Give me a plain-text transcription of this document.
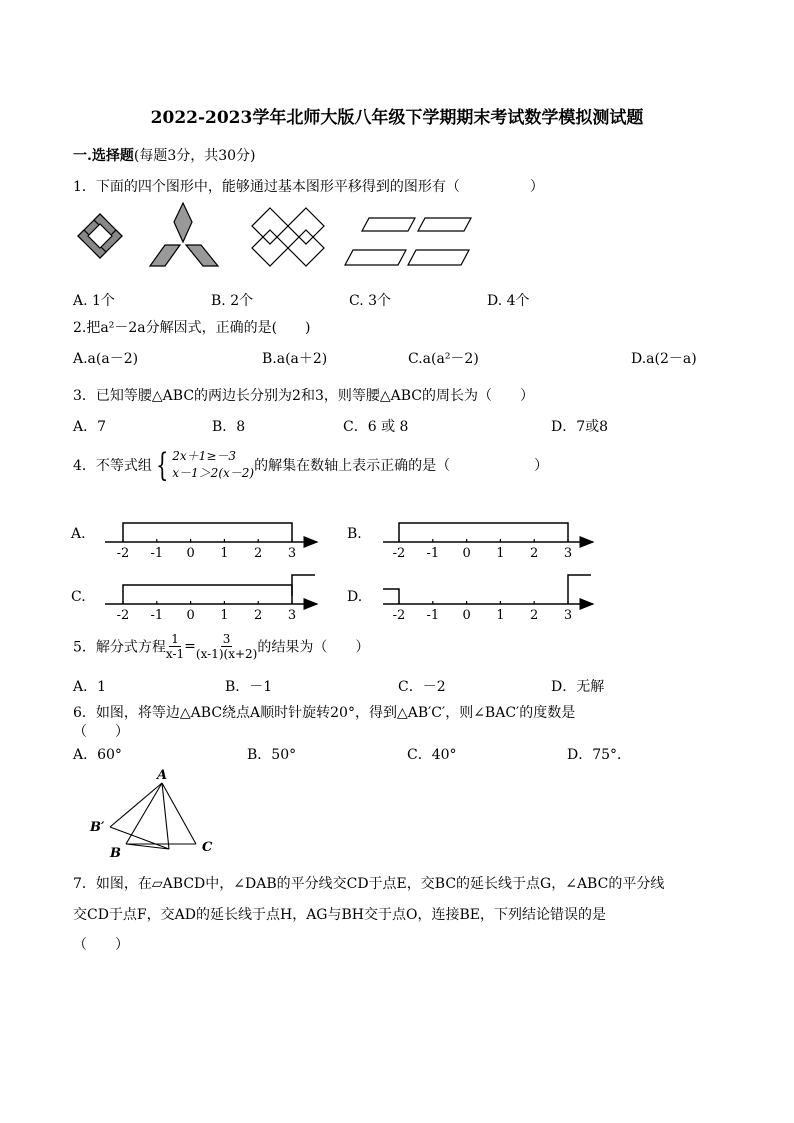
2022-2023学年北师大版八年级下学期期末考试数学模拟测试题
一.选择题(每题3分，共30分)
1．下面的四个图形中，能够通过基本图形平移得到的图形有（　　　　　）
A. 1个	B. 2个	C. 3个	D. 4个
2.把a²－2a分解因式，正确的是(　　)
A.a(a－2)	B.a(a＋2)	C.a(a²－2)	D.a(2－a)
3．已知等腰△ABC的两边长分别为2和3，则等腰△ABC的周长为（　　）
A．7	B．8	C．6 或 8	D．7或8
4．不等式组 { 2x＋1≥－3
x－1＞2(x－2) 的解集在数轴上表示正确的是（　　　　　　）
A.	B.
C.	D.
-2 -1 0 1 2 3	-2 -1 0 1 2 3
-2 -1 0 1 2 3	-2 -1 0 1 2 3
5．解分式方程 $\frac{1}{x-1} = \frac{3}{(x-1)(x+2)}$ 的结果为（　　）
A．1	B．－1	C．－2	D．无解
6．如图，将等边△ABC绕点A顺时针旋转20°，得到△AB′C′，则∠BAC′的度数是
（　　）
A．60°	B．50°	C．40°	D．75°．
A
B′
B	C
7．如图，在▱ABCD中，∠DAB的平分线交CD于点E，交BC的延长线于点G，∠ABC的平分线
交CD于点F，交AD的延长线于点H，AG与BH交于点O，连接BE，下列结论错误的是
（　　）
